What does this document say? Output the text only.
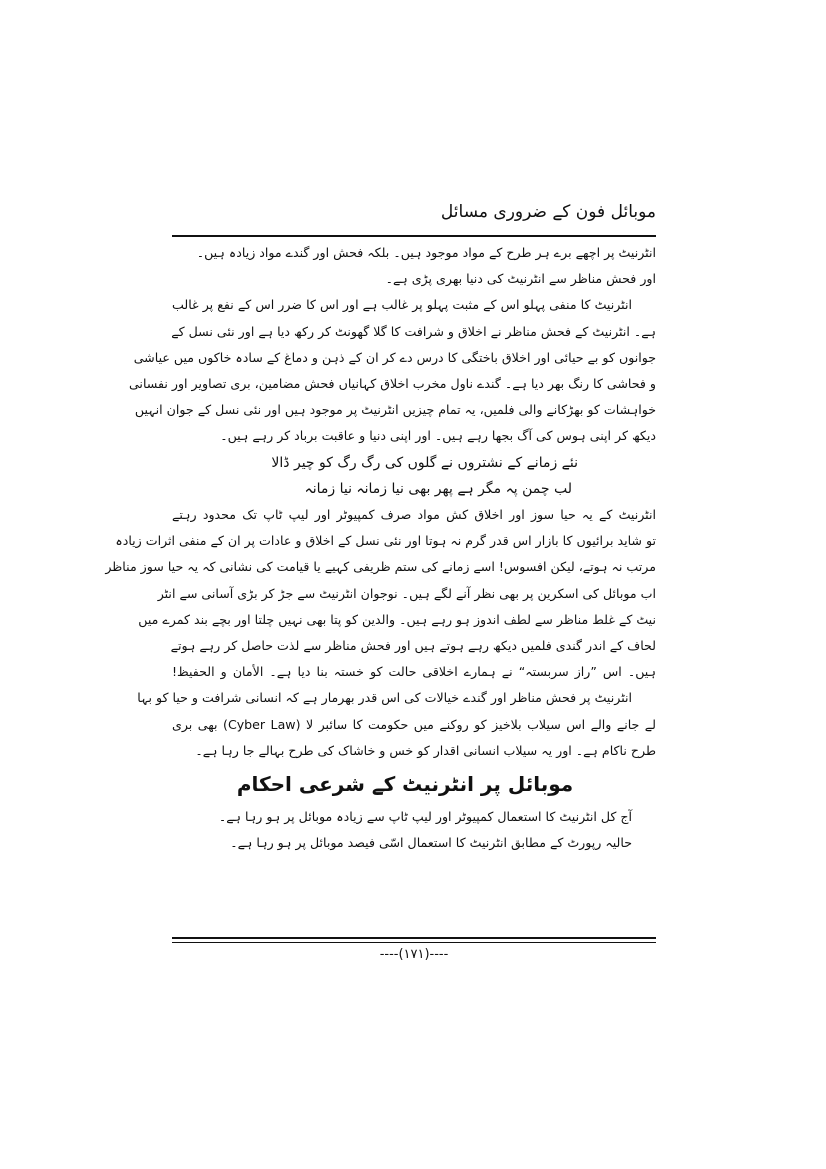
موبائل فون کے ضروری مسائل
انٹرنیٹ پر اچھے برے ہر طرح کے مواد موجود ہیں۔ بلکہ فحش اور گندے مواد زیادہ ہیں۔
اور فحش مناظر سے انٹرنیٹ کی دنیا بھری پڑی ہے۔
انٹرنیٹ کا منفی پہلو اس کے مثبت پہلو پر غالب ہے اور اس کا ضرر اس کے نفع پر غالب
ہے۔ انٹرنیٹ کے فحش مناظر نے اخلاق و شرافت کا گلا گھونٹ کر رکھ دیا ہے اور نئی نسل کے
جوانوں کو بے حیائی اور اخلاق باختگی کا درس دے کر ان کے ذہن و دماغ کے سادہ خاکوں میں عیاشی
و فحاشی کا رنگ بھر دیا ہے۔ گندے ناول مخرب اخلاق کہانیاں فحش مضامین، بری تصاویر اور نفسانی
خواہشات کو بھڑکانے والی فلمیں، یہ تمام چیزیں انٹرنیٹ پر موجود ہیں اور نئی نسل کے جوان انہیں
دیکھ کر اپنی ہوس کی آگ بجھا رہے ہیں۔ اور اپنی دنیا و عاقبت برباد کر رہے ہیں۔
نئے زمانے کے نشتروں نے گلوں کی رگ رگ کو چیر ڈالا
لب چمن پہ مگر ہے پھر بھی نیا زمانہ نیا زمانہ
انٹرنیٹ کے یہ حیا سوز اور اخلاق کش مواد صرف کمپیوٹر اور لیپ ٹاپ تک محدود رہتے
تو شاید برائیوں کا بازار اس قدر گرم نہ ہوتا اور نئی نسل کے اخلاق و عادات پر ان کے منفی اثرات زیادہ
مرتب نہ ہوتے، لیکن افسوس! اسے زمانے کی ستم ظریفی کہیے یا قیامت کی نشانی کہ یہ حیا سوز مناظر
اب موبائل کی اسکرین پر بھی نظر آنے لگے ہیں۔ نوجوان انٹرنیٹ سے جڑ کر بڑی آسانی سے انٹر
نیٹ کے غلط مناظر سے لطف اندوز ہو رہے ہیں۔ والدین کو پتا بھی نہیں چلتا اور بچے بند کمرے میں
لحاف کے اندر گندی فلمیں دیکھ رہے ہوتے ہیں اور فحش مناظر سے لذت حاصل کر رہے ہوتے
ہیں۔ اس ”راز سربستہ“ نے ہمارے اخلاقی حالت کو خستہ بنا دیا ہے۔ الأمان و الحفیظ!
انٹرنیٹ پر فحش مناظر اور گندے خیالات کی اس قدر بھرمار ہے کہ انسانی شرافت و حیا کو بہا
لے جانے والے اس سیلاب بلاخیز کو روکنے میں حکومت کا سائبر لا (Cyber Law) بھی بری
طرح ناکام ہے۔ اور یہ سیلاب انسانی اقدار کو خس و خاشاک کی طرح بہالے جا رہا ہے۔
موبائل پر انٹرنیٹ کے شرعی احکام
آج کل انٹرنیٹ کا استعمال کمپیوٹر اور لیپ ٹاپ سے زیادہ موبائل پر ہو رہا ہے۔
حالیہ رپورٹ کے مطابق انٹرنیٹ کا استعمال اسّی فیصد موبائل پر ہو رہا ہے۔
----(۱۷۱)----
